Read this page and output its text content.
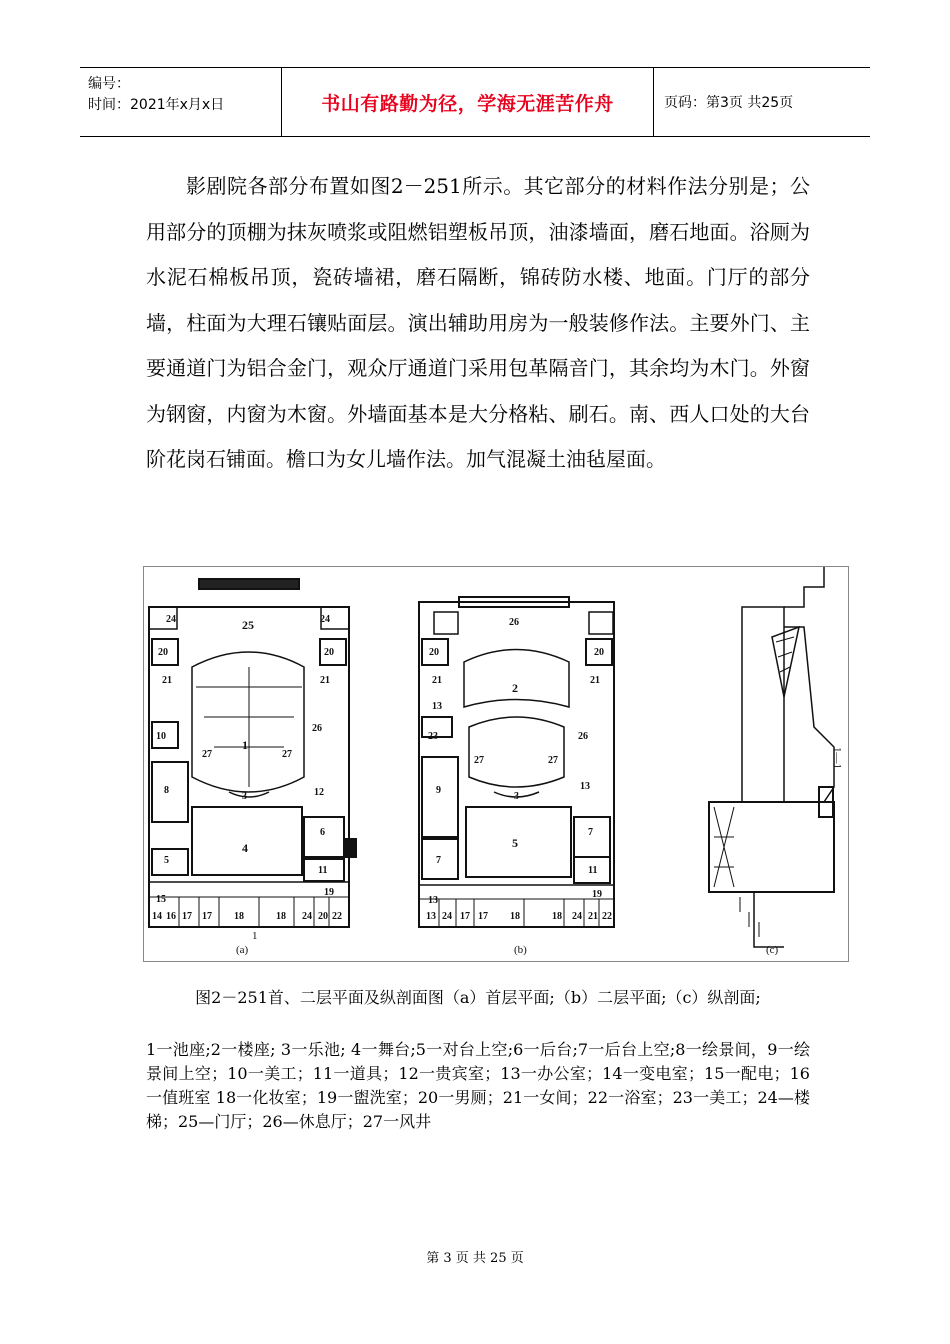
编号：
时间：2021年x月x日	书山有路勤为径，学海无涯苦作舟	页码：第3页 共25页

影剧院各部分布置如图2－251所示。其它部分的材料作法分别是；公用部分的顶棚为抹灰喷浆或阻燃铝塑板吊顶，油漆墙面，磨石地面。浴厕为水泥石棉板吊顶，瓷砖墙裙，磨石隔断，锦砖防水楼、地面。门厅的部分墙，柱面为大理石镶贴面层。演出辅助用房为一般装修作法。主要外门、主要通道门为铝合金门，观众厅通道门采用包革隔音门，其余均为木门。外窗为钢窗，内窗为木窗。外墙面基本是大分格粘、刷石。南、西人口处的大台阶花岗石铺面。檐口为女儿墙作法。加气混凝土油毡屋面。

24	25	24
20	20
21	21
10
1
26
27	27
8
3	12
4
6
5
11
15
19
14 16 17 17 18	18 24 20 22
(a)
1
26
20	20
21
2
21
13
23	26
27	27
9
3
13
5
7
7
11
13
19
18	18
13 24 17 17	24 21 22
(b)
1—1
(c)
图2－251首、二层平面及纵剖面图（a）首层平面;（b）二层平面;（c）纵剖面;
1一池座;2一楼座; 3一乐池; 4一舞台;5一对台上空;6一后台;7一后台上空;8一绘景间，9一绘景间上空；10一美工；11一道具；12一贵宾室；13一办公室；14一变电室；15一配电；16一值班室 18一化妆室；19一盥洗室；20一男厕；21一女间；22一浴室；23一美工；24—楼梯；25—门厅；26—休息厅；27一风井
第 3 页 共 25 页
